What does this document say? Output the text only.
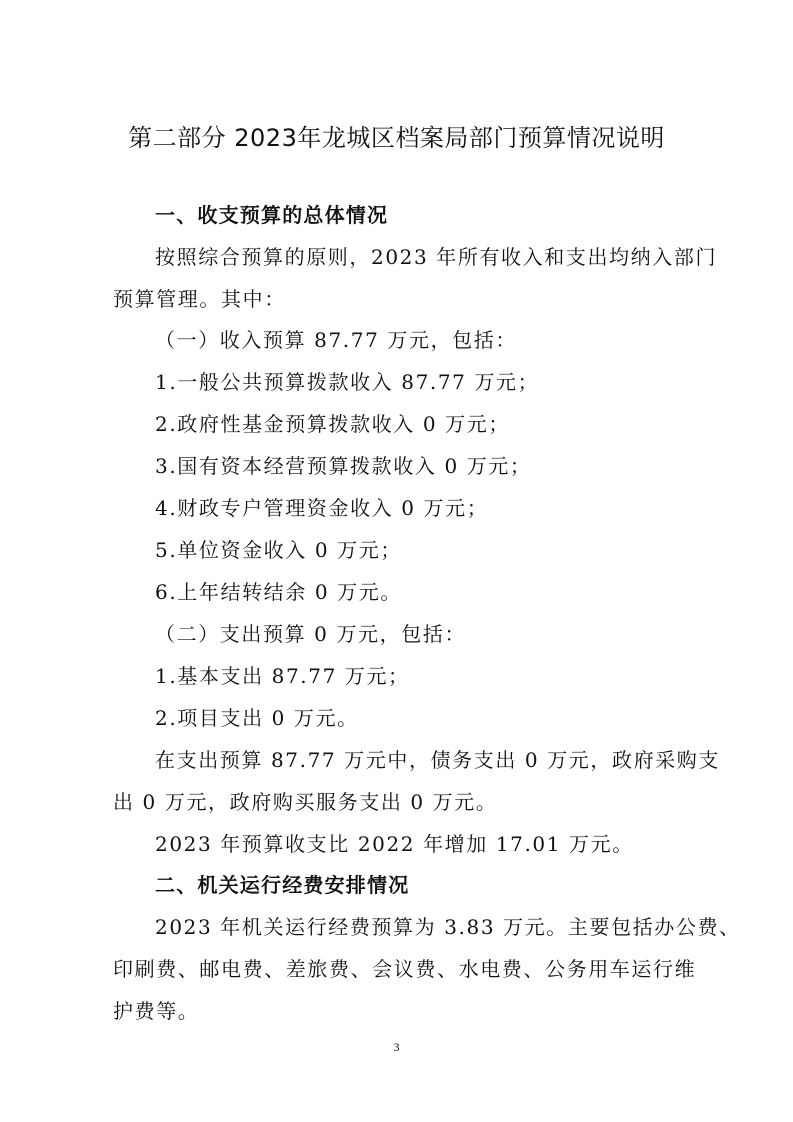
第二部分 2023年龙城区档案局部门预算情况说明
一、收支预算的总体情况
按照综合预算的原则，2023 年所有收入和支出均纳入部门
预算管理。其中：
（一）收入预算 87.77 万元，包括：
1.一般公共预算拨款收入 87.77 万元；
2.政府性基金预算拨款收入 0 万元；
3.国有资本经营预算拨款收入 0 万元；
4.财政专户管理资金收入 0 万元；
5.单位资金收入 0 万元；
6.上年结转结余 0 万元。
（二）支出预算 0 万元，包括：
1.基本支出 87.77 万元；
2.项目支出 0 万元。
在支出预算 87.77 万元中，债务支出 0 万元，政府采购支
出 0 万元，政府购买服务支出 0 万元。
2023 年预算收支比 2022 年增加 17.01 万元。
二、机关运行经费安排情况
2023 年机关运行经费预算为 3.83 万元。主要包括办公费、
印刷费、邮电费、差旅费、会议费、水电费、公务用车运行维
护费等。
3
